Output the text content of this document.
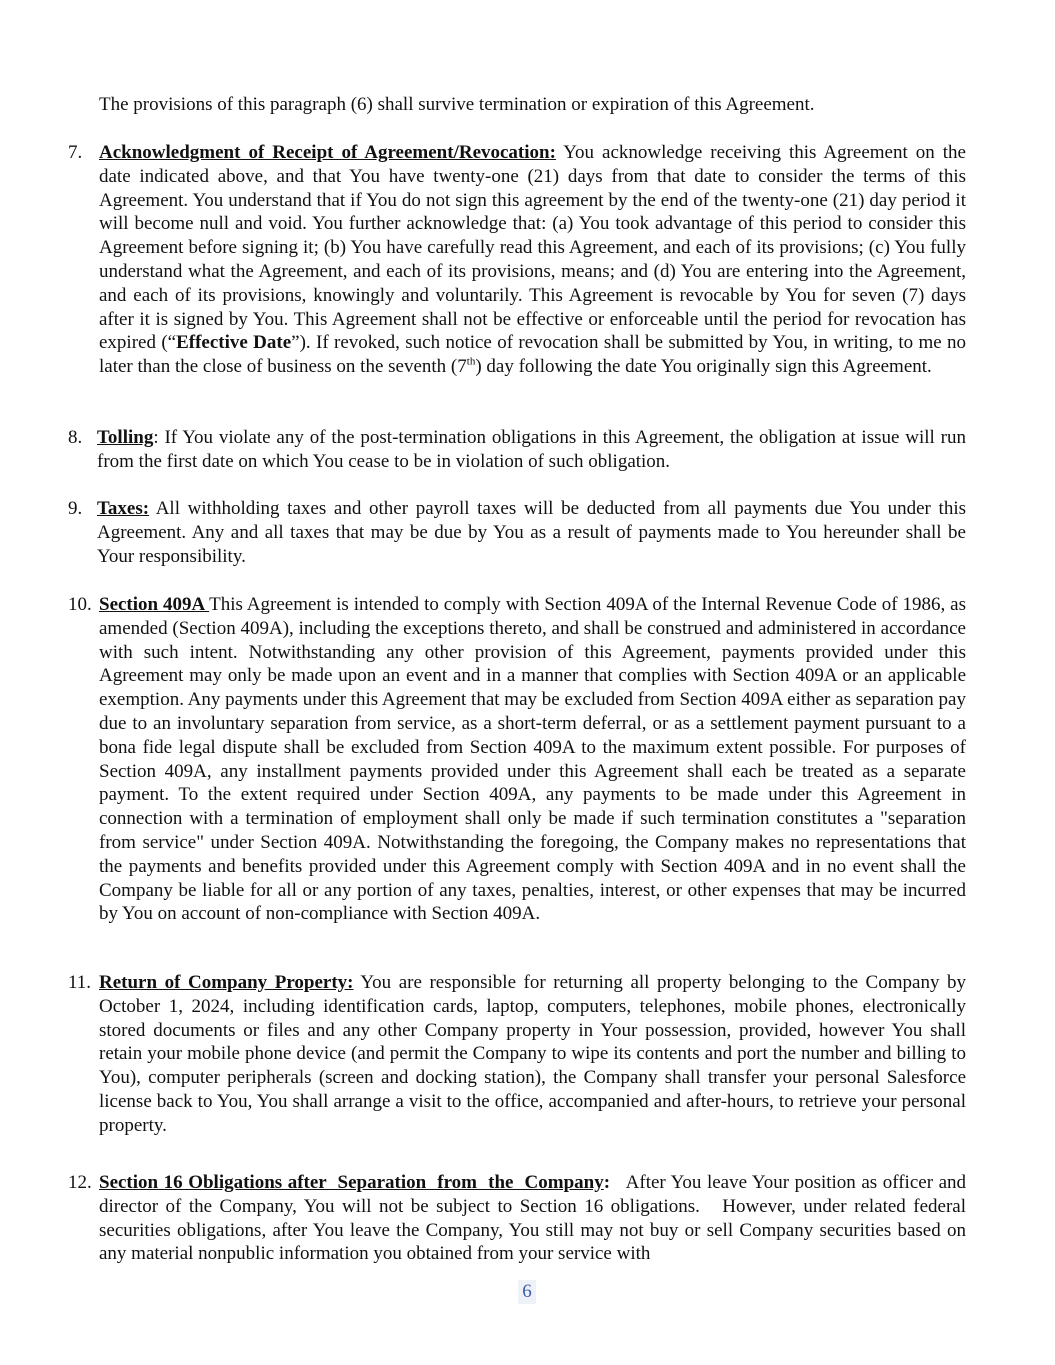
The provisions of this paragraph (6) shall survive termination or expiration of this Agreement.

7. Acknowledgment of Receipt of Agreement/Revocation: You acknowledge receiving this Agreement on the date indicated above, and that You have twenty-one (21) days from that date to consider the terms of this Agreement. You understand that if You do not sign this agreement by the end of the twenty-one (21) day period it will become null and void. You further acknowledge that: (a) You took advantage of this period to consider this Agreement before signing it; (b) You have carefully read this Agreement, and each of its provisions; (c) You fully understand what the Agreement, and each of its provisions, means; and (d) You are entering into the Agreement, and each of its provisions, knowingly and voluntarily. This Agreement is revocable by You for seven (7) days after it is signed by You. This Agreement shall not be effective or enforceable until the period for revocation has expired (“Effective Date”). If revoked, such notice of revocation shall be submitted by You, in writing, to me no later than the close of business on the seventh (7th) day following the date You originally sign this Agreement.

8. Tolling: If You violate any of the post-termination obligations in this Agreement, the obligation at issue will run from the first date on which You cease to be in violation of such obligation.

9. Taxes: All withholding taxes and other payroll taxes will be deducted from all payments due You under this Agreement. Any and all taxes that may be due by You as a result of payments made to You hereunder shall be Your responsibility.

10. Section 409A This Agreement is intended to comply with Section 409A of the Internal Revenue Code of 1986, as amended (Section 409A), including the exceptions thereto, and shall be construed and administered in accordance with such intent. Notwithstanding any other provision of this Agreement, payments provided under this Agreement may only be made upon an event and in a manner that complies with Section 409A or an applicable exemption. Any payments under this Agreement that may be excluded from Section 409A either as separation pay due to an involuntary separation from service, as a short-term deferral, or as a settlement payment pursuant to a bona fide legal dispute shall be excluded from Section 409A to the maximum extent possible. For purposes of Section 409A, any installment payments provided under this Agreement shall each be treated as a separate payment. To the extent required under Section 409A, any payments to be made under this Agreement in connection with a termination of employment shall only be made if such termination constitutes a "separation from service" under Section 409A. Notwithstanding the foregoing, the Company makes no representations that the payments and benefits provided under this Agreement comply with Section 409A and in no event shall the Company be liable for all or any portion of any taxes, penalties, interest, or other expenses that may be incurred by You on account of non-compliance with Section 409A.

11. Return of Company Property: You are responsible for returning all property belonging to the Company by October 1, 2024, including identification cards, laptop, computers, telephones, mobile phones, electronically stored documents or files and any other Company property in Your possession, provided, however You shall retain your mobile phone device (and permit the Company to wipe its contents and port the number and billing to You), computer peripherals (screen and docking station), the Company shall transfer your personal Salesforce license back to You, You shall arrange a visit to the office, accompanied and after-hours, to retrieve your personal property.

12. Section 16 Obligations after  Separation  from  the  Company:   After You leave Your position as officer and director of the Company, You will not be subject to Section 16 obligations.   However, under related federal securities obligations, after You leave the Company, You still may not buy or sell Company securities based on any material nonpublic information you obtained from your service with

6
